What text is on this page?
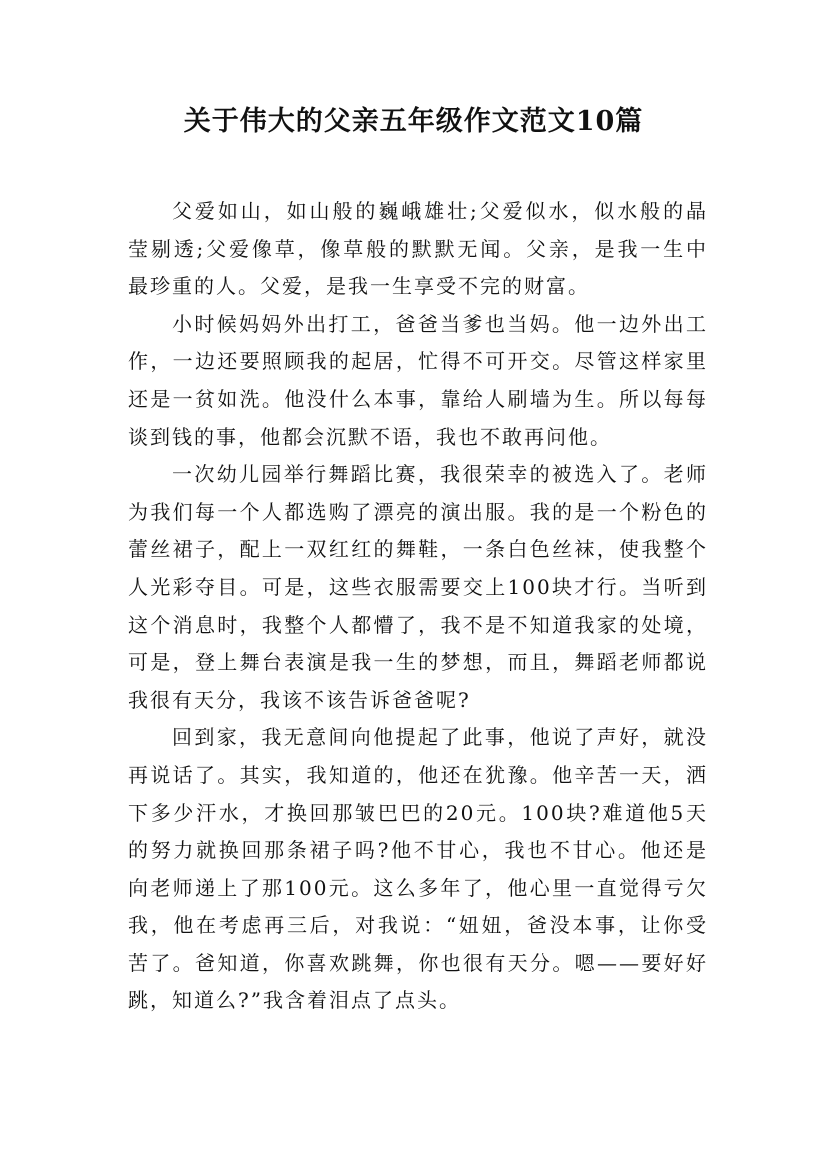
关于伟大的父亲五年级作文范文10篇

父爱如山，如山般的巍峨雄壮;父爱似水，似水般的晶莹剔透;父爱像草，像草般的默默无闻。父亲，是我一生中最珍重的人。父爱，是我一生享受不完的财富。

小时候妈妈外出打工，爸爸当爹也当妈。他一边外出工作，一边还要照顾我的起居，忙得不可开交。尽管这样家里还是一贫如洗。他没什么本事，靠给人刷墙为生。所以每每谈到钱的事，他都会沉默不语，我也不敢再问他。

一次幼儿园举行舞蹈比赛，我很荣幸的被选入了。老师为我们每一个人都选购了漂亮的演出服。我的是一个粉色的蕾丝裙子，配上一双红红的舞鞋，一条白色丝袜，使我整个人光彩夺目。可是，这些衣服需要交上100块才行。当听到这个消息时，我整个人都懵了，我不是不知道我家的处境，可是，登上舞台表演是我一生的梦想，而且，舞蹈老师都说我很有天分，我该不该告诉爸爸呢?

回到家，我无意间向他提起了此事，他说了声好，就没再说话了。其实，我知道的，他还在犹豫。他辛苦一天，洒下多少汗水，才换回那皱巴巴的20元。100块?难道他5天的努力就换回那条裙子吗?他不甘心，我也不甘心。他还是向老师递上了那100元。这么多年了，他心里一直觉得亏欠我，他在考虑再三后，对我说：“妞妞，爸没本事，让你受苦了。爸知道，你喜欢跳舞，你也很有天分。嗯——要好好跳，知道么?”我含着泪点了点头。
